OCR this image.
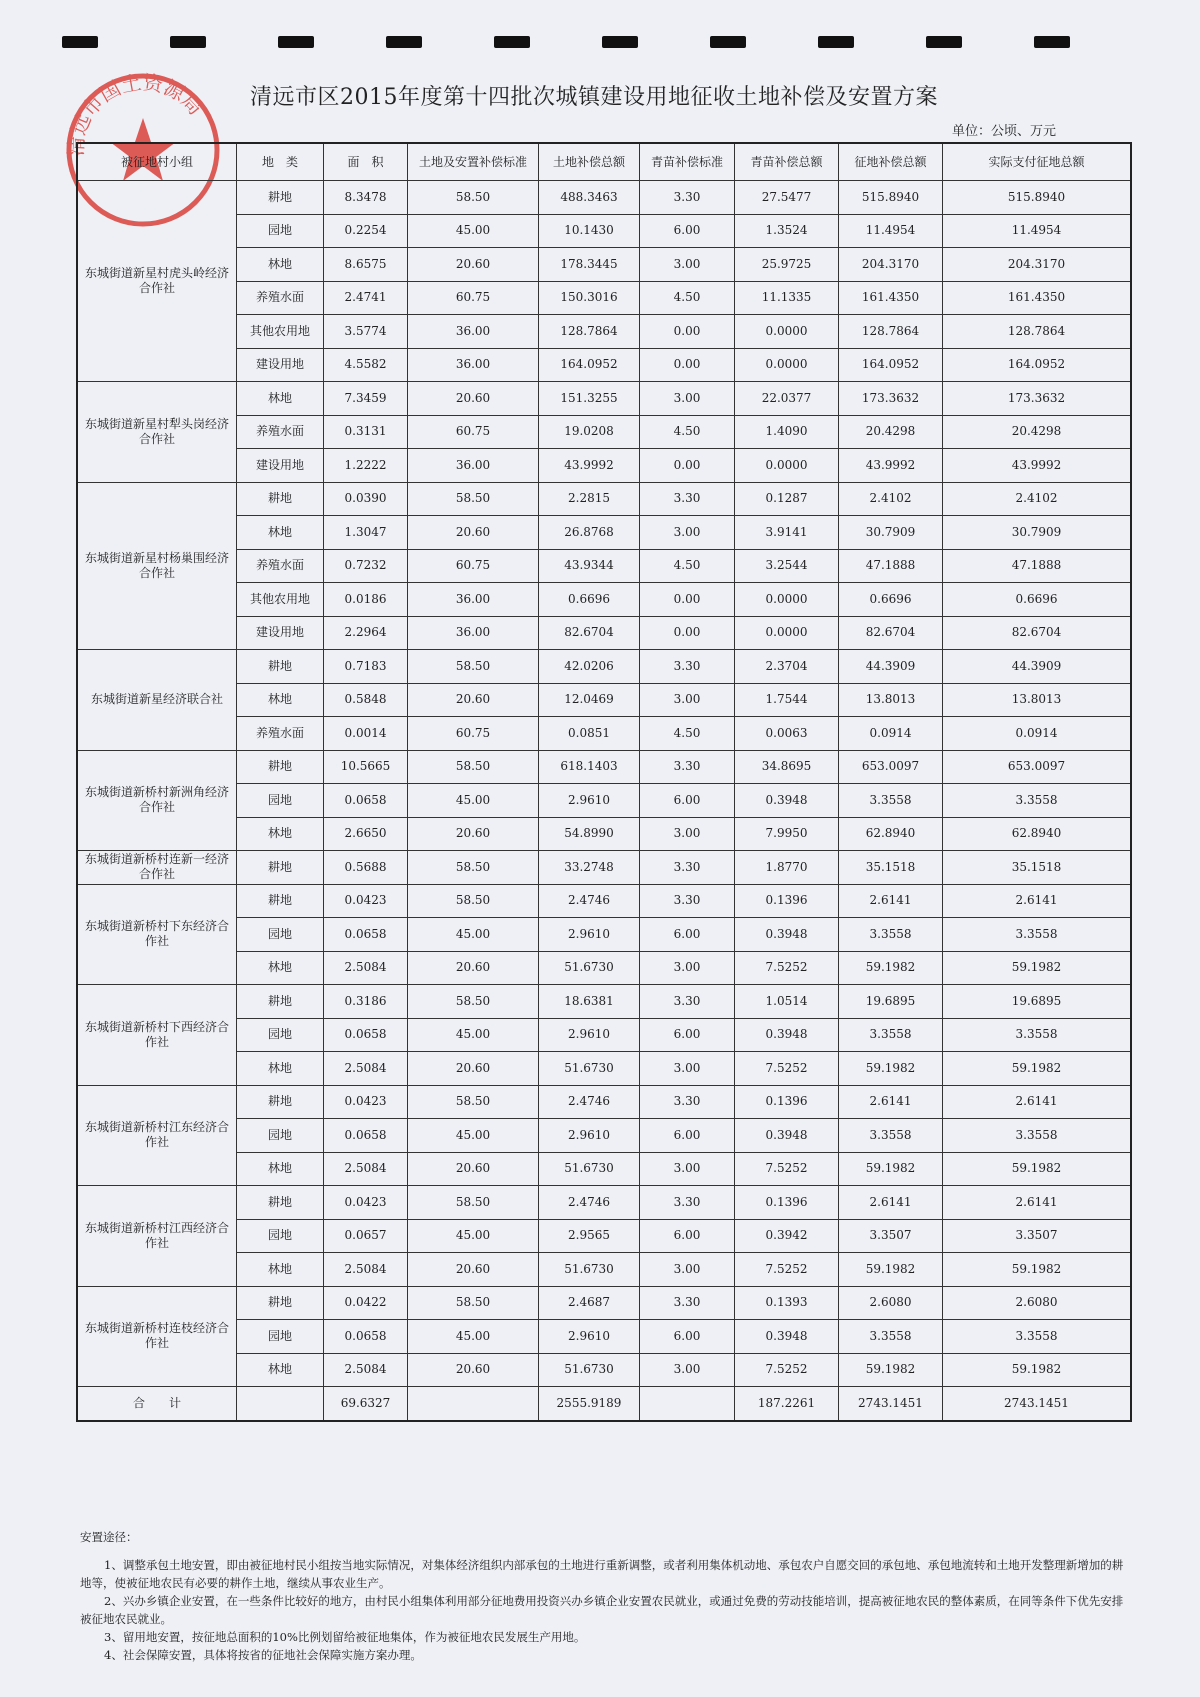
清远市国土资源局 清远市区2015年度第十四批次城镇建设用地征收土地补偿及安置方案
单位：公顷、万元
被征地村小组	地　类	面　积	土地及安置补偿标准	土地补偿总额	青苗补偿标准	青苗补偿总额	征地补偿总额	实际支付征地总额
东城街道新星村虎头岭经济合作社	耕地	8.3478	58.50	488.3463	3.30	27.5477	515.8940	515.8940
	园地	0.2254	45.00	10.1430	6.00	1.3524	11.4954	11.4954
	林地	8.6575	20.60	178.3445	3.00	25.9725	204.3170	204.3170
	养殖水面	2.4741	60.75	150.3016	4.50	11.1335	161.4350	161.4350
	其他农用地	3.5774	36.00	128.7864	0.00	0.0000	128.7864	128.7864
	建设用地	4.5582	36.00	164.0952	0.00	0.0000	164.0952	164.0952
东城街道新星村犁头岗经济合作社	林地	7.3459	20.60	151.3255	3.00	22.0377	173.3632	173.3632
	养殖水面	0.3131	60.75	19.0208	4.50	1.4090	20.4298	20.4298
	建设用地	1.2222	36.00	43.9992	0.00	0.0000	43.9992	43.9992
东城街道新星村杨巢围经济合作社	耕地	0.0390	58.50	2.2815	3.30	0.1287	2.4102	2.4102
	林地	1.3047	20.60	26.8768	3.00	3.9141	30.7909	30.7909
	养殖水面	0.7232	60.75	43.9344	4.50	3.2544	47.1888	47.1888
	其他农用地	0.0186	36.00	0.6696	0.00	0.0000	0.6696	0.6696
	建设用地	2.2964	36.00	82.6704	0.00	0.0000	82.6704	82.6704
东城街道新星经济联合社	耕地	0.7183	58.50	42.0206	3.30	2.3704	44.3909	44.3909
	林地	0.5848	20.60	12.0469	3.00	1.7544	13.8013	13.8013
	养殖水面	0.0014	60.75	0.0851	4.50	0.0063	0.0914	0.0914
东城街道新桥村新洲角经济合作社	耕地	10.5665	58.50	618.1403	3.30	34.8695	653.0097	653.0097
	园地	0.0658	45.00	2.9610	6.00	0.3948	3.3558	3.3558
	林地	2.6650	20.60	54.8990	3.00	7.9950	62.8940	62.8940
东城街道新桥村连新一经济合作社	耕地	0.5688	58.50	33.2748	3.30	1.8770	35.1518	35.1518
东城街道新桥村下东经济合作社	耕地	0.0423	58.50	2.4746	3.30	0.1396	2.6141	2.6141
	园地	0.0658	45.00	2.9610	6.00	0.3948	3.3558	3.3558
	林地	2.5084	20.60	51.6730	3.00	7.5252	59.1982	59.1982
东城街道新桥村下西经济合作社	耕地	0.3186	58.50	18.6381	3.30	1.0514	19.6895	19.6895
	园地	0.0658	45.00	2.9610	6.00	0.3948	3.3558	3.3558
	林地	2.5084	20.60	51.6730	3.00	7.5252	59.1982	59.1982
东城街道新桥村江东经济合作社	耕地	0.0423	58.50	2.4746	3.30	0.1396	2.6141	2.6141
	园地	0.0658	45.00	2.9610	6.00	0.3948	3.3558	3.3558
	林地	2.5084	20.60	51.6730	3.00	7.5252	59.1982	59.1982
东城街道新桥村江西经济合作社	耕地	0.0423	58.50	2.4746	3.30	0.1396	2.6141	2.6141
	园地	0.0657	45.00	2.9565	6.00	0.3942	3.3507	3.3507
	林地	2.5084	20.60	51.6730	3.00	7.5252	59.1982	59.1982
东城街道新桥村连枝经济合作社	耕地	0.0422	58.50	2.4687	3.30	0.1393	2.6080	2.6080
	园地	0.0658	45.00	2.9610	6.00	0.3948	3.3558	3.3558
	林地	2.5084	20.60	51.6730	3.00	7.5252	59.1982	59.1982
合　　计		69.6327		2555.9189		187.2261	2743.1451	2743.1451

安置途径：

1、调整承包土地安置，即由被征地村民小组按当地实际情况，对集体经济组织内部承包的土地进行重新调整，或者利用集体机动地、承包农户自愿交回的承包地、承包地流转和土地开发整理新增加的耕地等，使被征地农民有必要的耕作土地，继续从事农业生产。

2、兴办乡镇企业安置，在一些条件比较好的地方，由村民小组集体利用部分征地费用投资兴办乡镇企业安置农民就业，或通过免费的劳动技能培训，提高被征地农民的整体素质，在同等条件下优先安排被征地农民就业。

3、留用地安置，按征地总面积的10%比例划留给被征地集体，作为被征地农民发展生产用地。

4、社会保障安置，具体将按省的征地社会保障实施方案办理。
